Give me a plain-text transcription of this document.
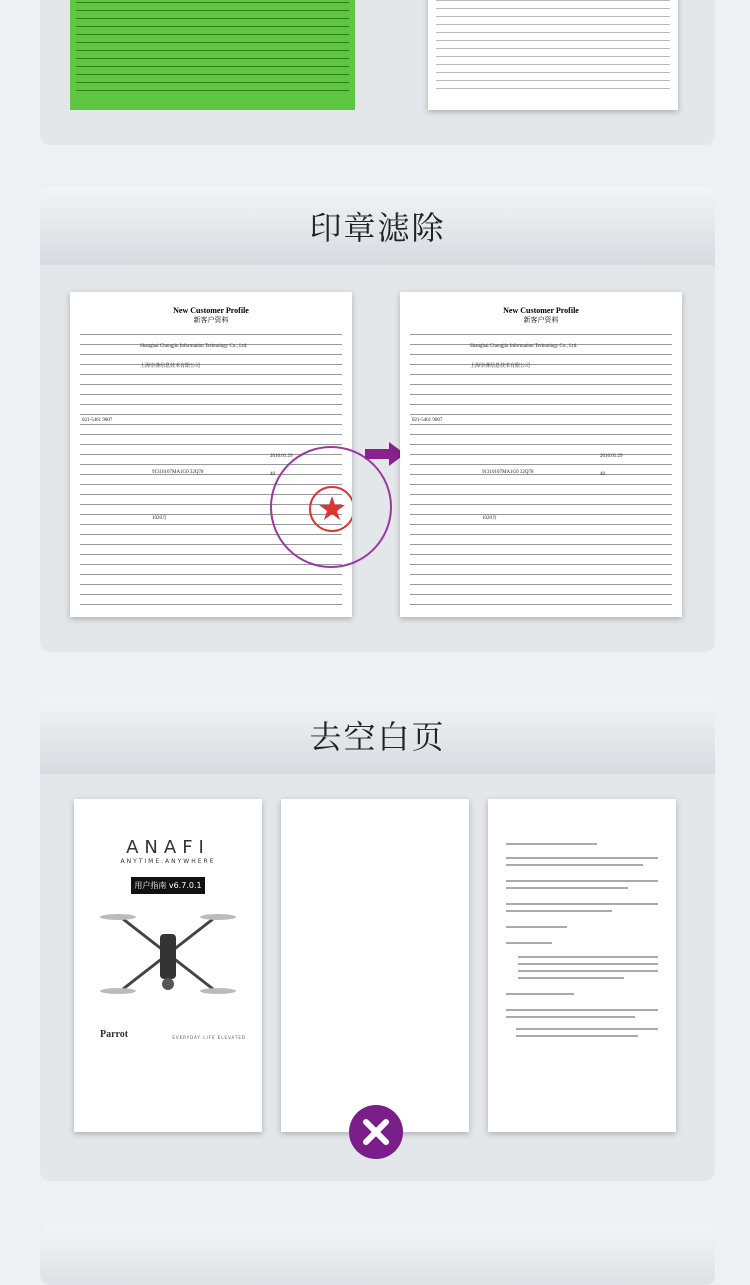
印章滤除
New Customer Profile
新客户资料
Shanghai Chongjin Information Technology Co., Ltd.
上海崇谨信息技术有限公司
021-5461 9007
2016.01.29
91310107MA1G0 32Q78	40
1020万
New Customer Profile
新客户资料
Shanghai Chongjin Information Technology Co., Ltd.
上海崇谨信息技术有限公司
021-5461 9007
2016.01.29
91310107MA1G0 32Q78	40
1020万
去空白页
ANAFI
ANYTIME.ANYWHERE
用户指南 v6.7.0.1
Parrot	EVERYDAY LIFE ELEVATED
